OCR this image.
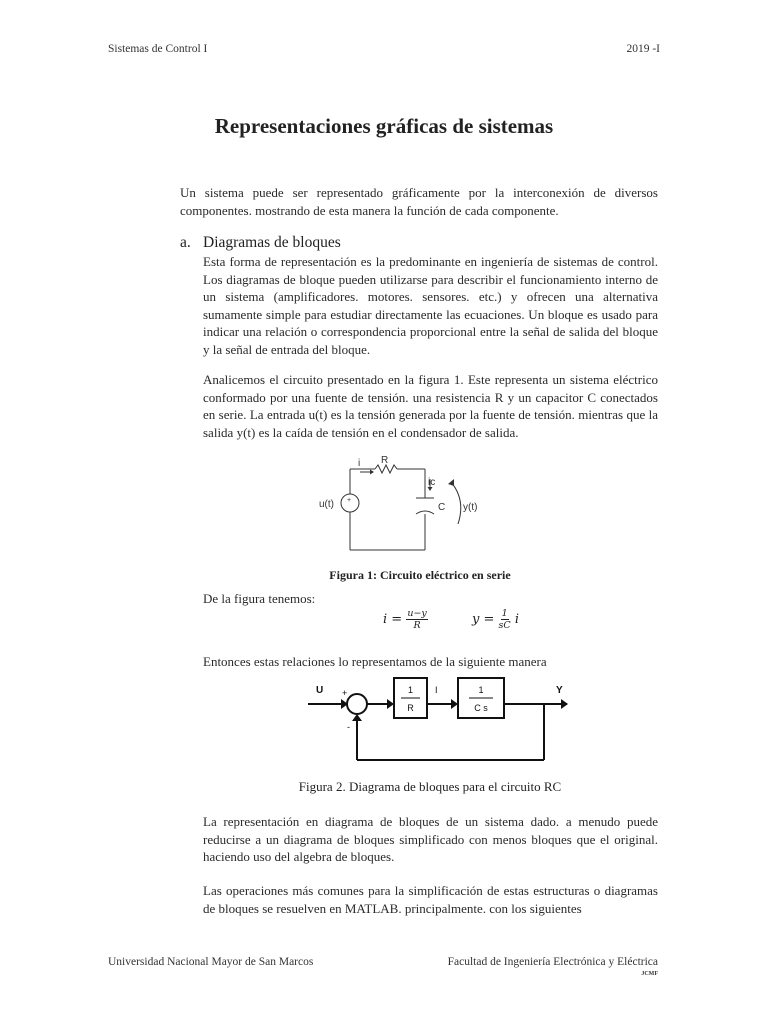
Sistemas de Control I	2019 -I
Representaciones gráficas de sistemas
Un sistema puede ser representado gráficamente por la interconexión de diversos componentes. mostrando de esta manera la función de cada componente.
a. Diagramas de bloques
Esta forma de representación es la predominante en ingeniería de sistemas de control. Los diagramas de bloque pueden utilizarse para describir el funcionamiento interno de un sistema (amplificadores. motores. sensores. etc.) y ofrecen una alternativa sumamente simple para estudiar directamente las ecuaciones. Un bloque es usado para indicar una relación o correspondencia proporcional entre la señal de salida del bloque y la señal de entrada del bloque.
Analicemos el circuito presentado en la figura 1. Este representa un sistema eléctrico conformado por una fuente de tensión. una resistencia R y un capacitor C conectados en serie. La entrada u(t) es la tensión generada por la fuente de tensión. mientras que la salida y(t) es la caída de tensión en el condensador de salida.
+
i R
ic
u(t)	C y(t)
Figura 1: Circuito eléctrico en serie
De la figura tenemos:
$i = \frac{u-y}{R}$	$y = \frac{1}{sC}$ i
Entonces estas relaciones lo representamos de la siguiente manera
U +
-
1
R
I	1
C s
Y
Figura 2. Diagrama de bloques para el circuito RC
La representación en diagrama de bloques de un sistema dado. a menudo puede reducirse a un diagrama de bloques simplificado con menos bloques que el original. haciendo uso del algebra de bloques.
Las operaciones más comunes para la simplificación de estas estructuras o diagramas de bloques se resuelven en MATLAB. principalmente. con los siguientes
Universidad Nacional Mayor de San Marcos	Facultad de Ingeniería Electrónica y Eléctrica
JCMF
